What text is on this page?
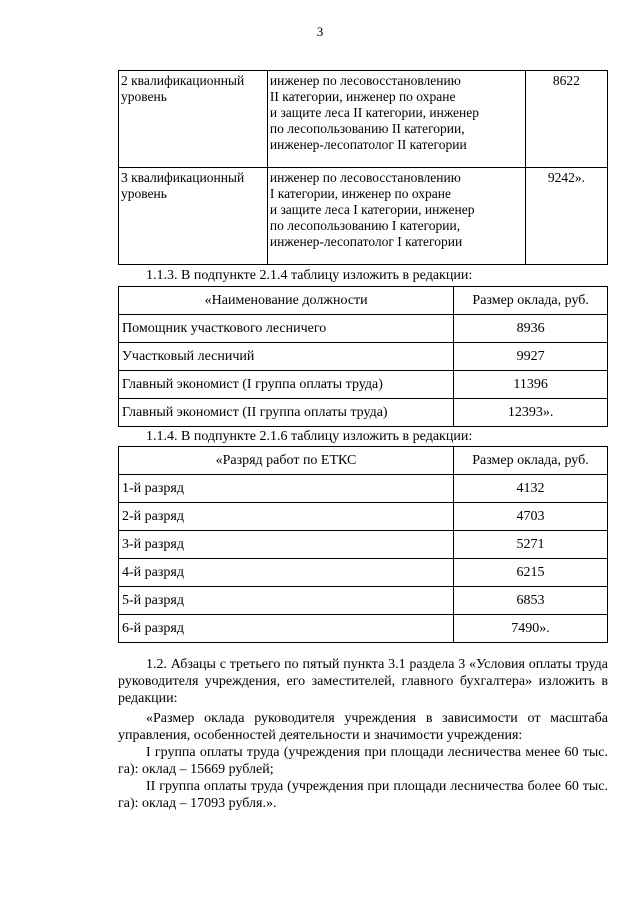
3
2 квалификационный уровень	инженер по лесовосстановлению
II категории, инженер по охране
и защите леса II категории, инженер
по лесопользованию II категории,
инженер-лесопатолог II категории	8622
3 квалификационный уровень	инженер по лесовосстановлению
I категории, инженер по охране
и защите леса I категории, инженер
по лесопользованию I категории,
инженер-лесопатолог I категории	9242».
1.1.3. В подпункте 2.1.4 таблицу изложить в редакции:
«Наименование должности	Размер оклада, руб.
Помощник участкового лесничего	8936
Участковый лесничий	9927
Главный экономист (I группа оплаты труда)	11396
Главный экономист (II группа оплаты труда)	12393».
1.1.4. В подпункте 2.1.6 таблицу изложить в редакции:
«Разряд работ по ЕТКС	Размер оклада, руб.
1-й разряд	4132
2-й разряд	4703
3-й разряд	5271
4-й разряд	6215
5-й разряд	6853
6-й разряд	7490».
1.2. Абзацы с третьего по пятый пункта 3.1 раздела 3 «Условия оплаты труда руководителя учреждения, его заместителей, главного бухгалтера» изложить в редакции:
«Размер оклада руководителя учреждения в зависимости от масштаба управления, особенностей деятельности и значимости учреждения:
I группа оплаты труда (учреждения при площади лесничества менее 60 тыс. га): оклад – 15669 рублей;
II группа оплаты труда (учреждения при площади лесничества более 60 тыс. га): оклад – 17093 рубля.».
